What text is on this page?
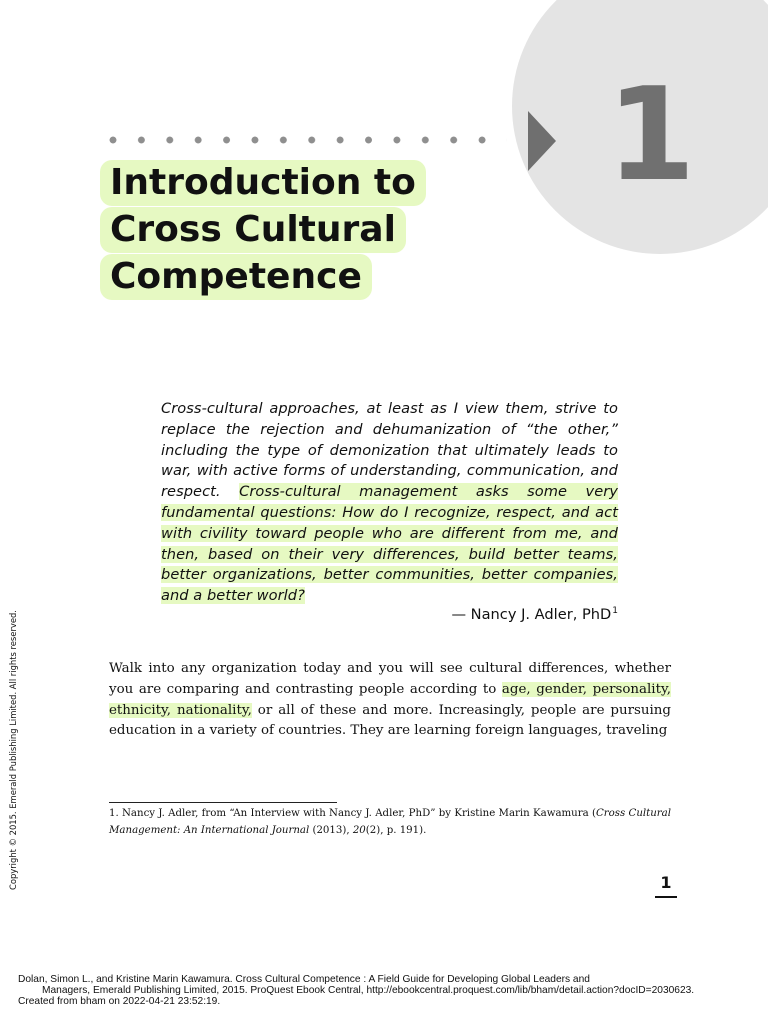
1
Introduction to
Cross Cultural
Competence
Cross-cultural approaches, at least as I view them, strive to replace the rejection and dehumanization of “the other,” including the type of demonization that ultimately leads to war, with active forms of understanding, communication, and respect. Cross-cultural management asks some very fundamental questions: How do I recognize, respect, and act with civility toward people who are different from me, and then, based on their very differences, build better teams, better organizations, better communities, better companies, and a better world?
— Nancy J. Adler, PhD$^1$

Walk into any organization today and you will see cultural differences, whether you are comparing and contrasting people according to age, gender, personality, ethnicity, nationality, or all of these and more. Increasingly, people are pursuing education in a variety of countries. They are learning foreign languages, traveling

1. Nancy J. Adler, from “An Interview with Nancy J. Adler, PhD” by Kristine Marin Kawamura (Cross Cultural Management: An International Journal (2013), 20(2), p. 191).
1
Copyright © 2015. Emerald Publishing Limited. All rights reserved.
Dolan, Simon L., and Kristine Marin Kawamura. Cross Cultural Competence : A Field Guide for Developing Global Leaders and
Managers, Emerald Publishing Limited, 2015. ProQuest Ebook Central, http://ebookcentral.proquest.com/lib/bham/detail.action?docID=2030623.
Created from bham on 2022-04-21 23:52:19.
